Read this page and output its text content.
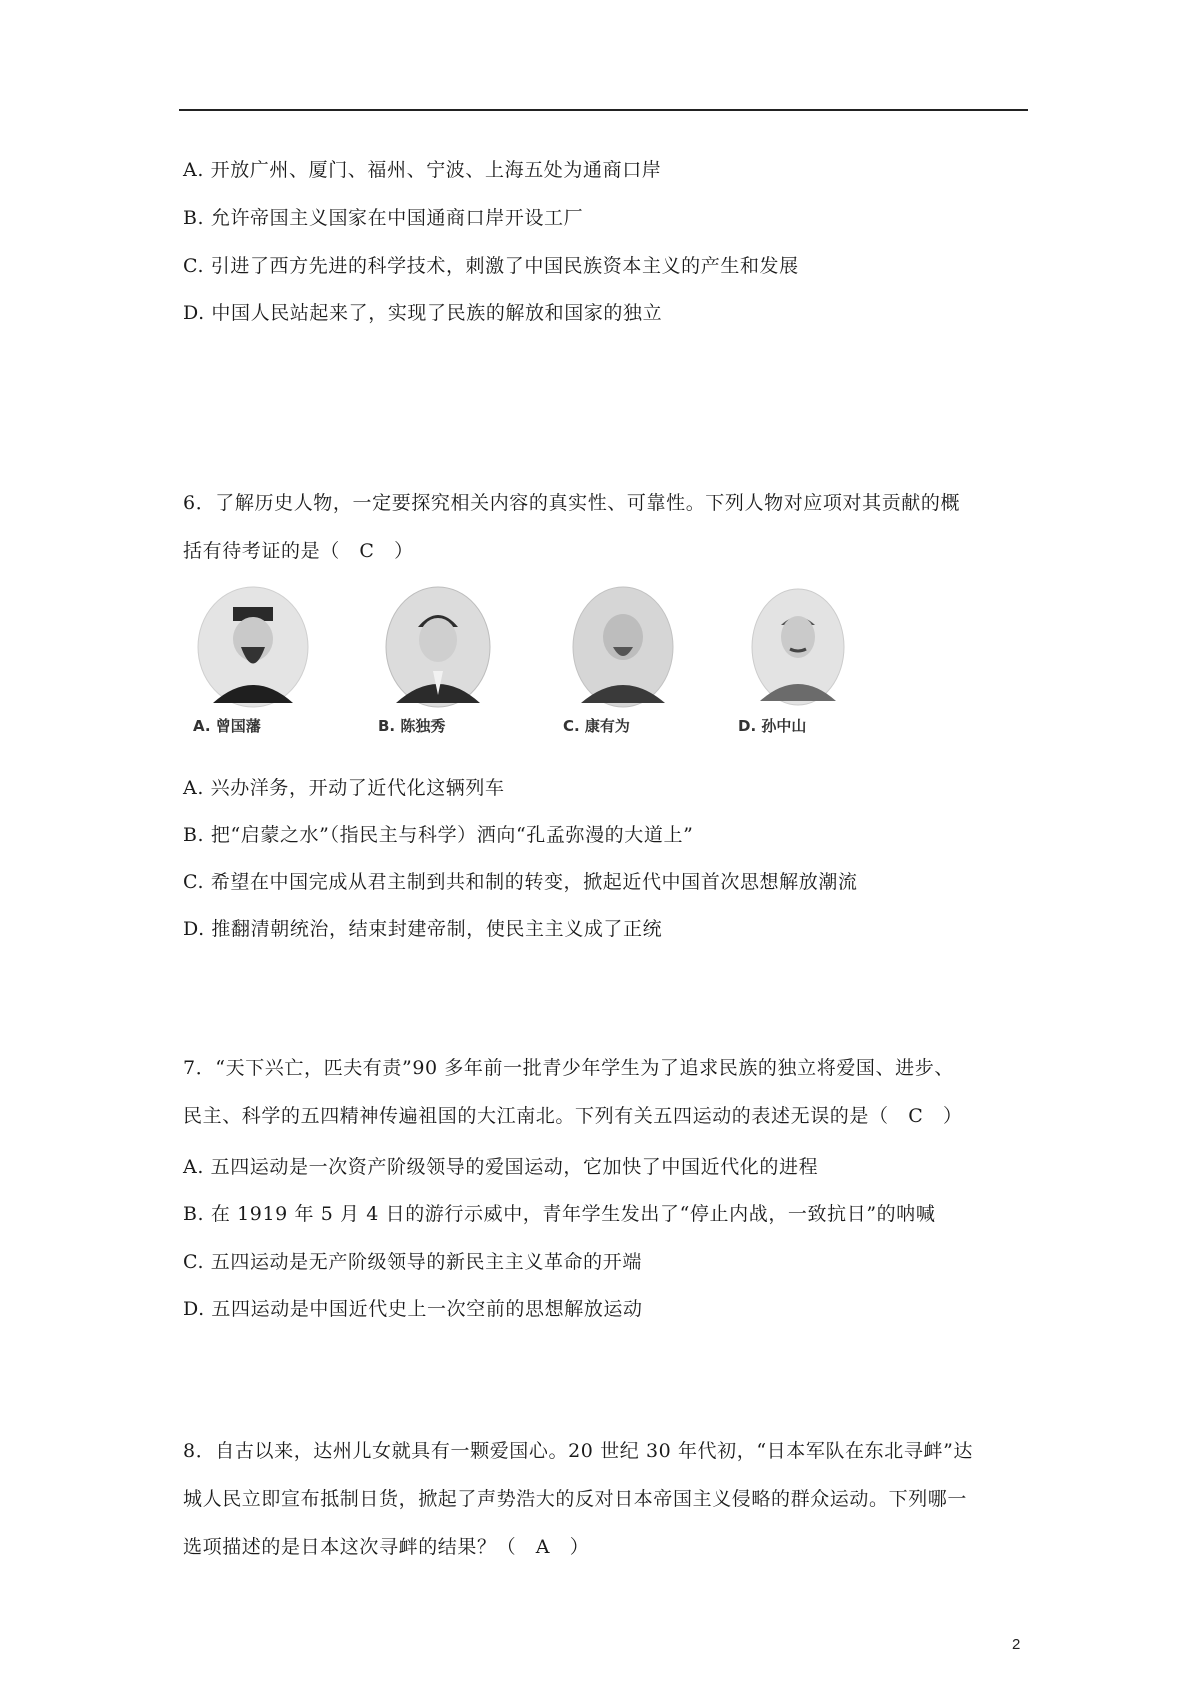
A. 开放广州、厦门、福州、宁波、上海五处为通商口岸
B. 允许帝国主义国家在中国通商口岸开设工厂
C. 引进了西方先进的科学技术，刺激了中国民族资本主义的产生和发展
D. 中国人民站起来了，实现了民族的解放和国家的独立
6．了解历史人物，一定要探究相关内容的真实性、可靠性。下列人物对应项对其贡献的概
括有待考证的是（　C　）
A. 曾国藩	B. 陈独秀	C. 康有为	D. 孙中山
A. 兴办洋务，开动了近代化这辆列车
B. 把“启蒙之水”（指民主与科学）洒向“孔孟弥漫的大道上”
C. 希望在中国完成从君主制到共和制的转变，掀起近代中国首次思想解放潮流
D. 推翻清朝统治，结束封建帝制，使民主主义成了正统
7．“天下兴亡，匹夫有责”90 多年前一批青少年学生为了追求民族的独立将爱国、进步、
民主、科学的五四精神传遍祖国的大江南北。下列有关五四运动的表述无误的是（　C　）
A. 五四运动是一次资产阶级领导的爱国运动，它加快了中国近代化的进程
B. 在 1919 年 5 月 4 日的游行示威中，青年学生发出了“停止内战，一致抗日”的呐喊
C. 五四运动是无产阶级领导的新民主主义革命的开端
D. 五四运动是中国近代史上一次空前的思想解放运动
8．自古以来，达州儿女就具有一颗爱国心。20 世纪 30 年代初，“日本军队在东北寻衅”达
城人民立即宣布抵制日货，掀起了声势浩大的反对日本帝国主义侵略的群众运动。下列哪一
选项描述的是日本这次寻衅的结果？（　A　）
2
